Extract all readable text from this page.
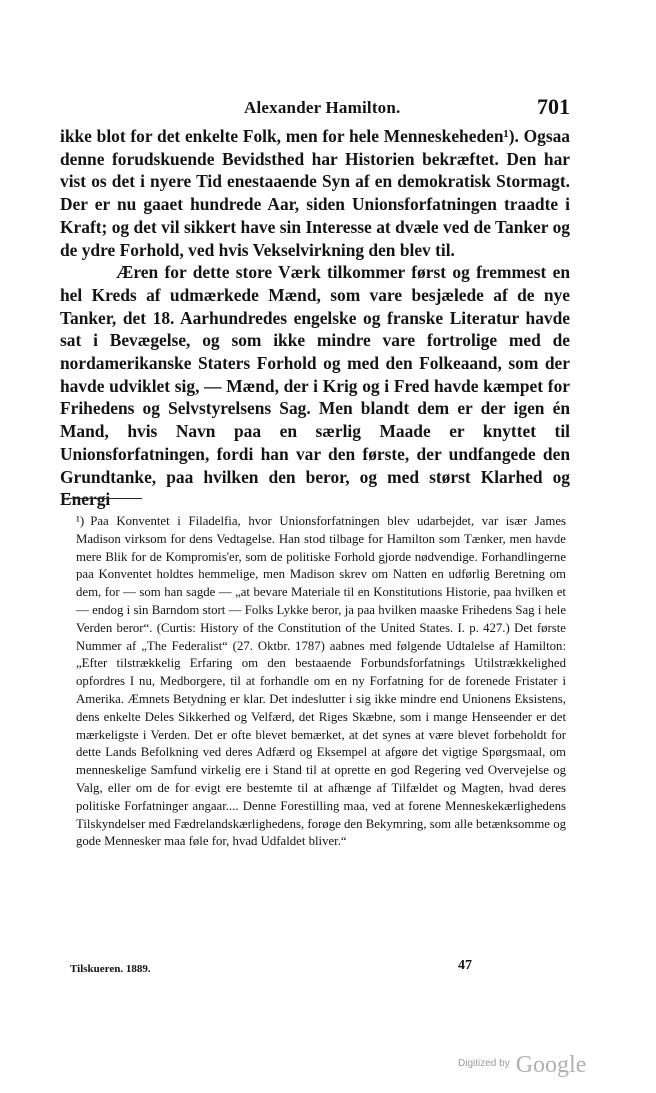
Alexander Hamilton.	701

ikke blot for det enkelte Folk, men for hele Menneskeheden¹). Ogsaa denne forudskuende Bevidsthed har Historien bekræftet. Den har vist os det i nyere Tid enestaaende Syn af en demokratisk Stormagt. Der er nu gaaet hundrede Aar, siden Unionsforfatningen traadte i Kraft; og det vil sikkert have sin Interesse at dvæle ved de Tanker og de ydre Forhold, ved hvis Vekselvirkning den blev til.

Æren for dette store Værk tilkommer først og fremmest en hel Kreds af udmærkede Mænd, som vare besjælede af de nye Tanker, det 18. Aarhundredes engelske og franske Literatur havde sat i Bevægelse, og som ikke mindre vare fortrolige med de nordamerikanske Staters Forhold og med den Folkeaand, som der havde udviklet sig, — Mænd, der i Krig og i Fred havde kæmpet for Frihedens og Selvstyrelsens Sag. Men blandt dem er der igen én Mand, hvis Navn paa en særlig Maade er knyttet til Unionsforfatningen, fordi han var den første, der undfangede den Grundtanke, paa hvilken den beror, og med størst Klarhed og Energi

¹) Paa Konventet i Filadelfia, hvor Unionsforfatningen blev udarbejdet, var især James Madison virksom for dens Vedtagelse. Han stod tilbage for Hamilton som Tænker, men havde mere Blik for de Kompromis'er, som de politiske Forhold gjorde nødvendige. Forhandlingerne paa Konventet holdtes hemmelige, men Madison skrev om Natten en udførlig Beretning om dem, for — som han sagde — „at bevare Materiale til en Konstitutions Historie, paa hvilken et — endog i sin Barndom stort — Folks Lykke beror, ja paa hvilken maaske Frihedens Sag i hele Verden beror“. (Curtis: History of the Constitution of the United States. I. p. 427.) Det første Nummer af „The Federalist“ (27. Oktbr. 1787) aabnes med følgende Udtalelse af Hamilton: „Efter tilstrækkelig Erfaring om den bestaaende Forbundsforfatnings Utilstrækkelighed opfordres I nu, Medborgere, til at forhandle om en ny Forfatning for de forenede Fristater i Amerika. Æmnets Betydning er klar. Det indeslutter i sig ikke mindre end Unionens Eksistens, dens enkelte Deles Sikkerhed og Velfærd, det Riges Skæbne, som i mange Henseender er det mærkeligste i Verden. Det er ofte blevet bemærket, at det synes at være blevet forbeholdt for dette Lands Befolkning ved deres Adfærd og Eksempel at afgøre det vigtige Spørgsmaal, om menneskelige Samfund virkelig ere i Stand til at oprette en god Regering ved Overvejelse og Valg, eller om de for evigt ere bestemte til at afhænge af Tilfældet og Magten, hvad deres politiske Forfatninger angaar.... Denne Forestilling maa, ved at forene Menneskekærlighedens Tilskyndelser med Fædrelandskærlighedens, forøge den Bekymring, som alle betænksomme og gode Mennesker maa føle for, hvad Udfaldet bliver.“

Tilskueren. 1889.	47
$^{Digitized by}$ Google
